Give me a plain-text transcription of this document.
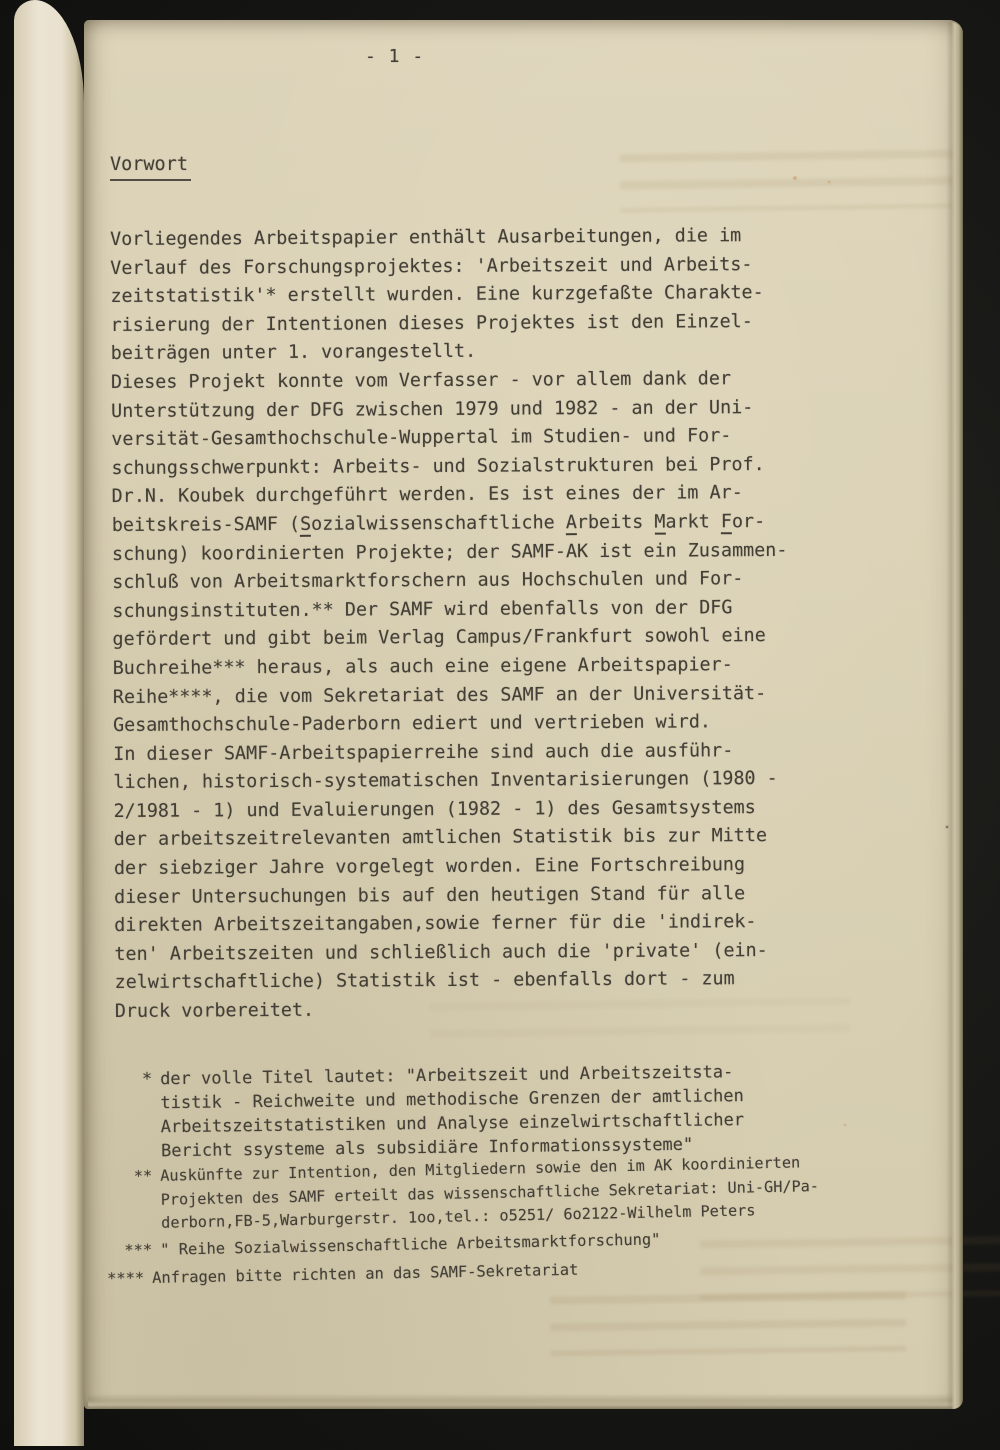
- 1 -
Vorwort
Vorliegendes Arbeitspapier enthält Ausarbeitungen, die im
Verlauf des Forschungsprojektes: 'Arbeitszeit und Arbeits-
zeitstatistik'* erstellt wurden. Eine kurzgefaßte Charakte-
risierung der Intentionen dieses Projektes ist den Einzel-
beiträgen unter 1. vorangestellt.
Dieses Projekt konnte vom Verfasser - vor allem dank der
Unterstützung der DFG zwischen 1979 und 1982 - an der Uni-
versität-Gesamthochschule-Wuppertal im Studien- und For-
schungsschwerpunkt: Arbeits- und Sozialstrukturen bei Prof.
Dr.N. Koubek durchgeführt werden. Es ist eines der im Ar-
beitskreis-SAMF (Sozialwissenschaftliche Arbeits Markt For-
schung) koordinierten Projekte; der SAMF-AK ist ein Zusammen-
schluß von Arbeitsmarktforschern aus Hochschulen und For-
schungsinstituten.** Der SAMF wird ebenfalls von der DFG
gefördert und gibt beim Verlag Campus/Frankfurt sowohl eine
Buchreihe*** heraus, als auch eine eigene Arbeitspapier-
Reihe****, die vom Sekretariat des SAMF an der Universität-
Gesamthochschule-Paderborn ediert und vertrieben wird.
In dieser SAMF-Arbeitspapierreihe sind auch die ausführ-
lichen, historisch-systematischen Inventarisierungen (1980 -
2/1981 - 1) und Evaluierungen (1982 - 1) des Gesamtsystems
der arbeitszeitrelevanten amtlichen Statistik bis zur Mitte
der siebziger Jahre vorgelegt worden. Eine Fortschreibung
dieser Untersuchungen bis auf den heutigen Stand für alle
direkten Arbeitszeitangaben,sowie ferner für die 'indirek-
ten' Arbeitszeiten und schließlich auch die 'private' (ein-
zelwirtschaftliche) Statistik ist - ebenfalls dort - zum
Druck vorbereitet.
* der volle Titel lautet: "Arbeitszeit und Arbeitszeitsta-
tistik - Reichweite und methodische Grenzen der amtlichen
Arbeitszeitstatistiken und Analyse einzelwirtschaftlicher
Bericht ssysteme als subsidiäre Informationssysteme"
** Auskünfte zur Intention, den Mitgliedern sowie den im AK koordinierten
Projekten des SAMF erteilt das wissenschaftliche Sekretariat: Uni-GH/Pa-
derborn,FB-5,Warburgerstr. 1oo,tel.: o5251/ 6o2122-Wilhelm Peters
*** " Reihe Sozialwissenschaftliche Arbeitsmarktforschung"
**** Anfragen bitte richten an das SAMF-Sekretariat
